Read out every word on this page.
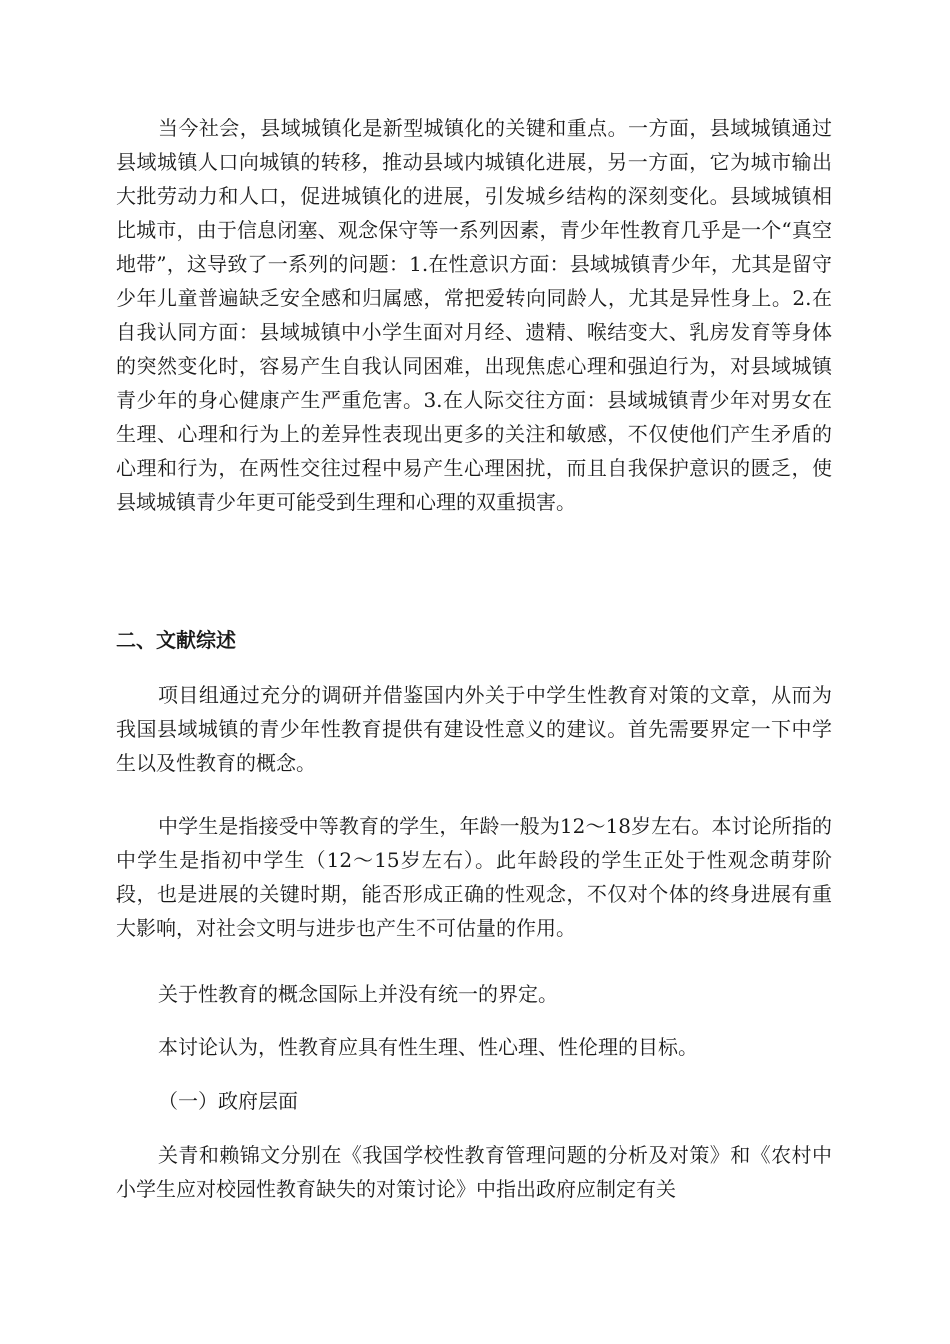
当今社会，县域城镇化是新型城镇化的关键和重点。一方面，县域城镇通过县域城镇人口向城镇的转移，推动县域内城镇化进展，另一方面，它为城市输出大批劳动力和人口，促进城镇化的进展，引发城乡结构的深刻变化。县域城镇相比城市，由于信息闭塞、观念保守等一系列因素，青少年性教育几乎是一个“真空地带”，这导致了一系列的问题：1.在性意识方面：县域城镇青少年，尤其是留守少年儿童普遍缺乏安全感和归属感，常把爱转向同龄人，尤其是异性身上。2.在自我认同方面：县域城镇中小学生面对月经、遗精、喉结变大、乳房发育等身体的突然变化时，容易产生自我认同困难，出现焦虑心理和强迫行为，对县域城镇青少年的身心健康产生严重危害。3.在人际交往方面：县域城镇青少年对男女在生理、心理和行为上的差异性表现出更多的关注和敏感，不仅使他们产生矛盾的心理和行为，在两性交往过程中易产生心理困扰，而且自我保护意识的匮乏，使县域城镇青少年更可能受到生理和心理的双重损害。

二、文献综述

项目组通过充分的调研并借鉴国内外关于中学生性教育对策的文章，从而为我国县域城镇的青少年性教育提供有建设性意义的建议。首先需要界定一下中学生以及性教育的概念。

中学生是指接受中等教育的学生，年龄一般为12～18岁左右。本讨论所指的中学生是指初中学生（12～15岁左右）。此年龄段的学生正处于性观念萌芽阶段，也是进展的关键时期，能否形成正确的性观念，不仅对个体的终身进展有重大影响，对社会文明与进步也产生不可估量的作用。

关于性教育的概念国际上并没有统一的界定。

本讨论认为，性教育应具有性生理、性心理、性伦理的目标。

（一）政府层面

关青和赖锦文分别在《我国学校性教育管理问题的分析及对策》和《农村中小学生应对校园性教育缺失的对策讨论》中指出政府应制定有关
